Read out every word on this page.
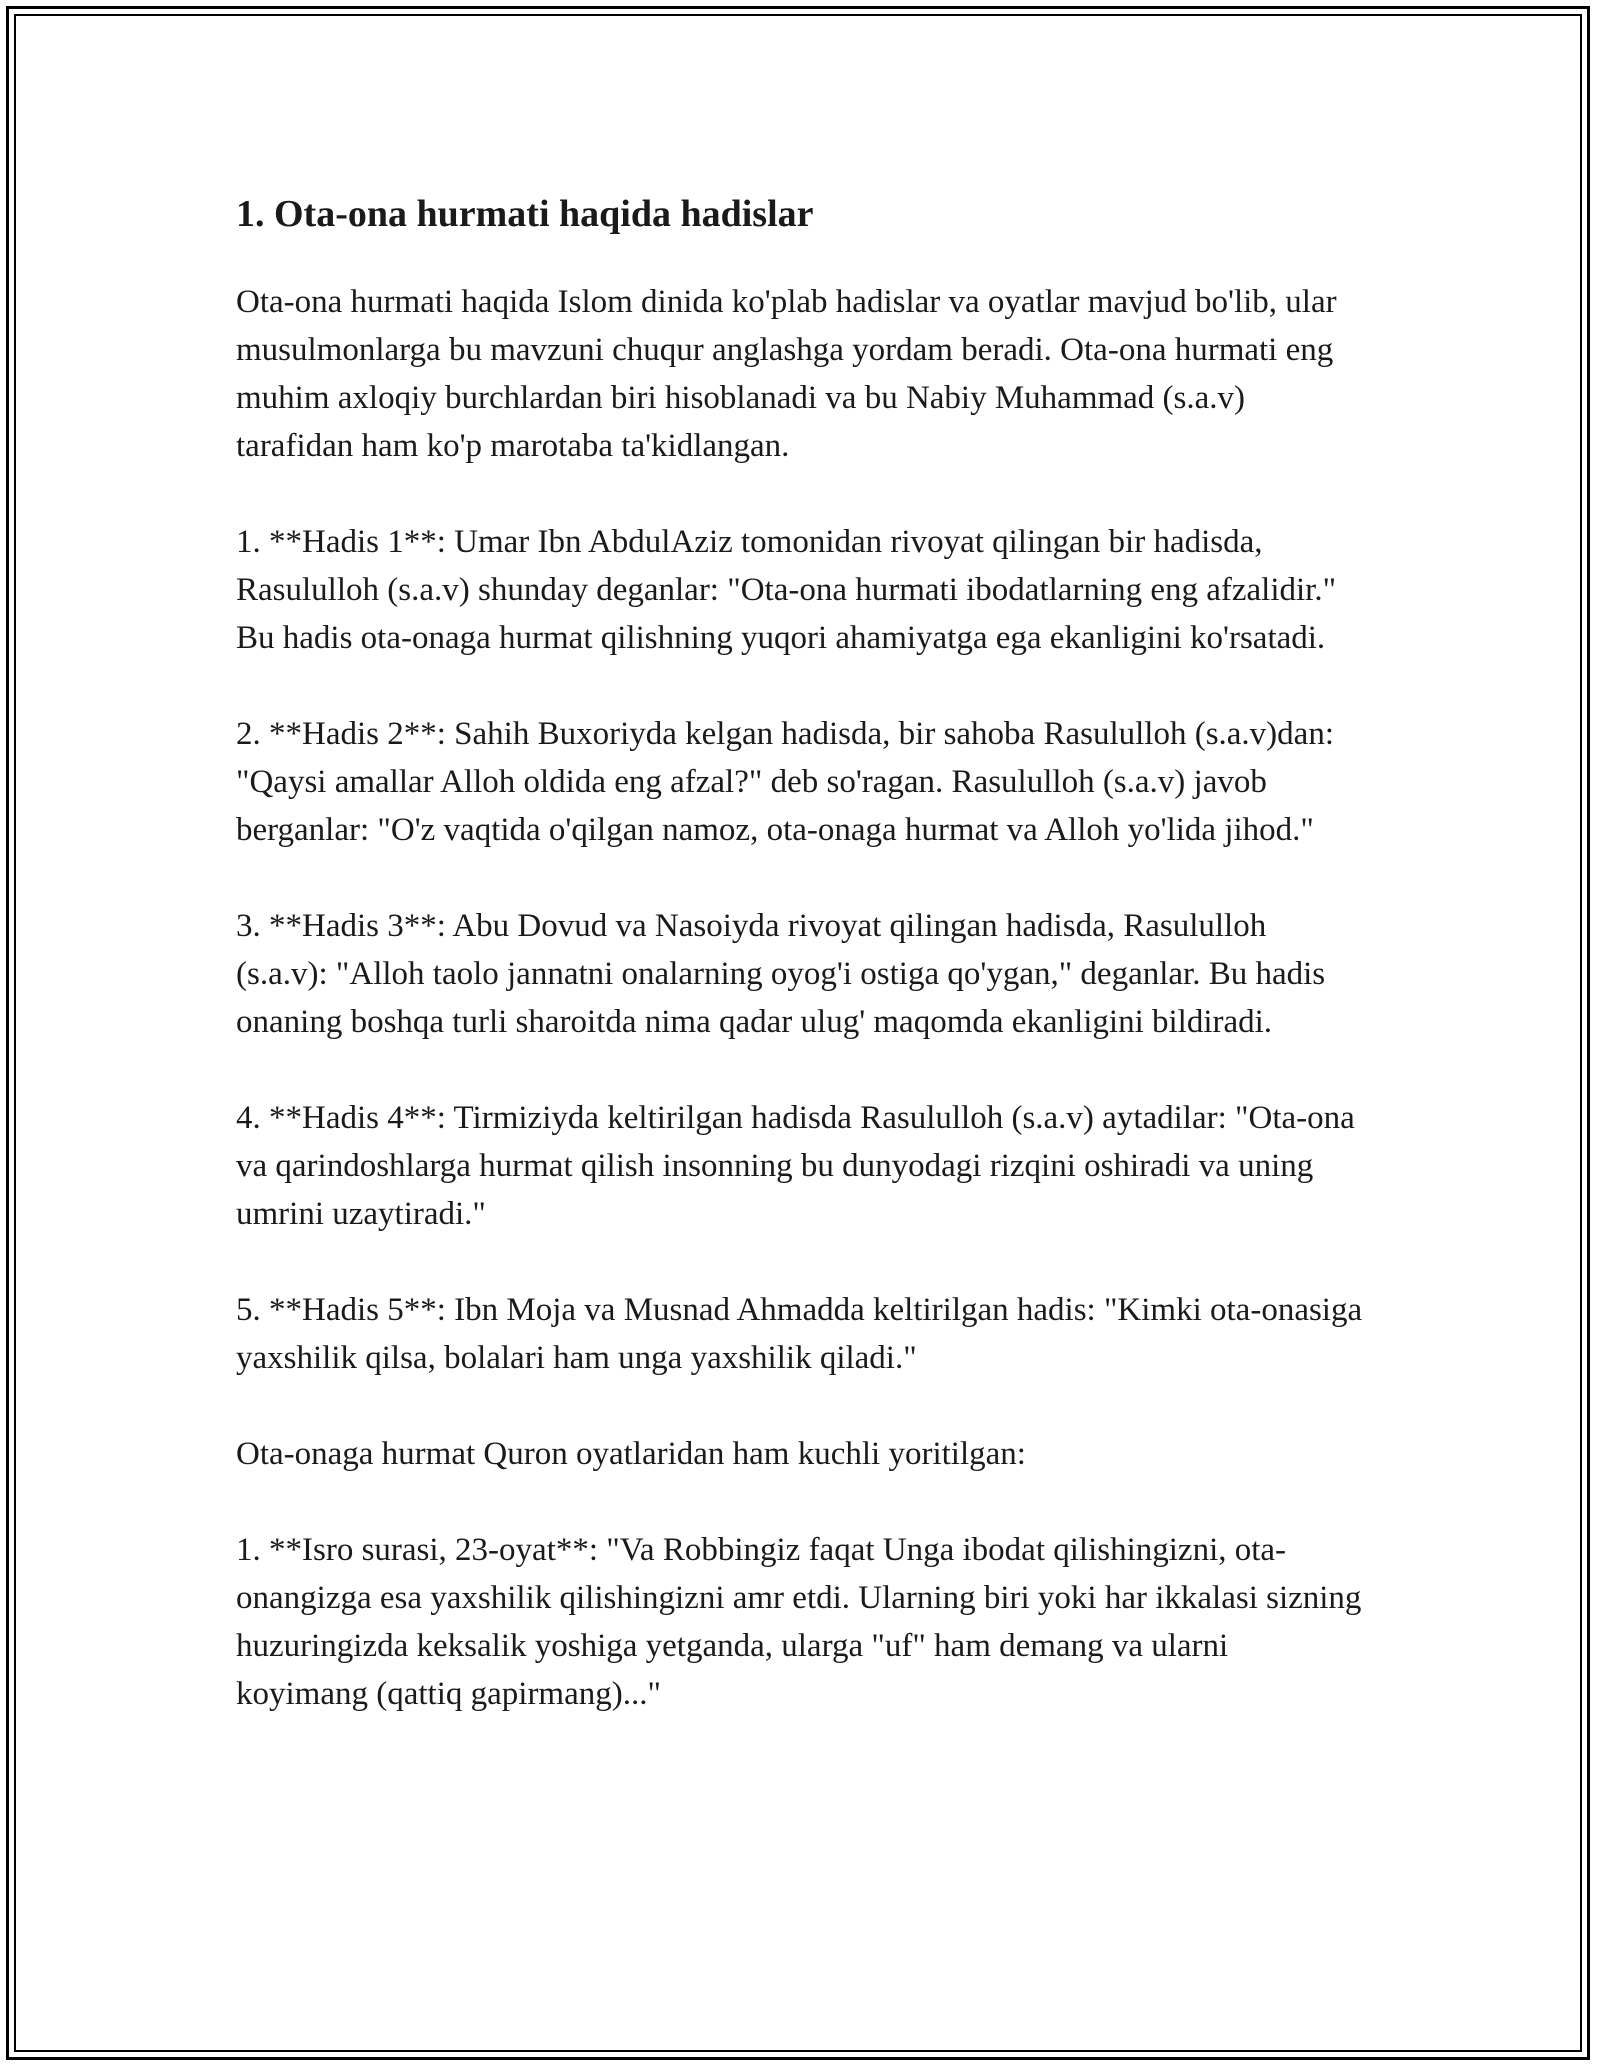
1. Ota-ona hurmati haqida hadislar

Ota-ona hurmati haqida Islom dinida ko'plab hadislar va oyatlar mavjud bo'lib, ular musulmonlarga bu mavzuni chuqur anglashga yordam beradi. Ota-ona hurmati eng muhim axloqiy burchlardan biri hisoblanadi va bu Nabiy Muhammad (s.a.v) tarafidan ham ko'p marotaba ta'kidlangan.

1. **Hadis 1**: Umar Ibn AbdulAziz tomonidan rivoyat qilingan bir hadisda, Rasululloh (s.a.v) shunday deganlar: "Ota-ona hurmati ibodatlarning eng afzalidir." Bu hadis ota-onaga hurmat qilishning yuqori ahamiyatga ega ekanligini ko'rsatadi.

2. **Hadis 2**: Sahih Buxoriyda kelgan hadisda, bir sahoba Rasululloh (s.a.v)dan: "Qaysi amallar Alloh oldida eng afzal?" deb so'ragan. Rasululloh (s.a.v) javob berganlar: "O'z vaqtida o'qilgan namoz, ota-onaga hurmat va Alloh yo'lida jihod."

3. **Hadis 3**: Abu Dovud va Nasoiyda rivoyat qilingan hadisda, Rasululloh (s.a.v): "Alloh taolo jannatni onalarning oyog'i ostiga qo'ygan," deganlar. Bu hadis onaning boshqa turli sharoitda nima qadar ulug' maqomda ekanligini bildiradi.

4. **Hadis 4**: Tirmiziyda keltirilgan hadisda Rasululloh (s.a.v) aytadilar: "Ota-ona va qarindoshlarga hurmat qilish insonning bu dunyodagi rizqini oshiradi va uning umrini uzaytiradi."

5. **Hadis 5**: Ibn Moja va Musnad Ahmadda keltirilgan hadis: "Kimki ota-onasiga yaxshilik qilsa, bolalari ham unga yaxshilik qiladi."

Ota-onaga hurmat Quron oyatlaridan ham kuchli yoritilgan:

1. **Isro surasi, 23-oyat**: "Va Robbingiz faqat Unga ibodat qilishingizni, ota-onangizga esa yaxshilik qilishingizni amr etdi. Ularning biri yoki har ikkalasi sizning huzuringizda keksalik yoshiga yetganda, ularga "uf" ham demang va ularni koyimang (qattiq gapirmang)..."
